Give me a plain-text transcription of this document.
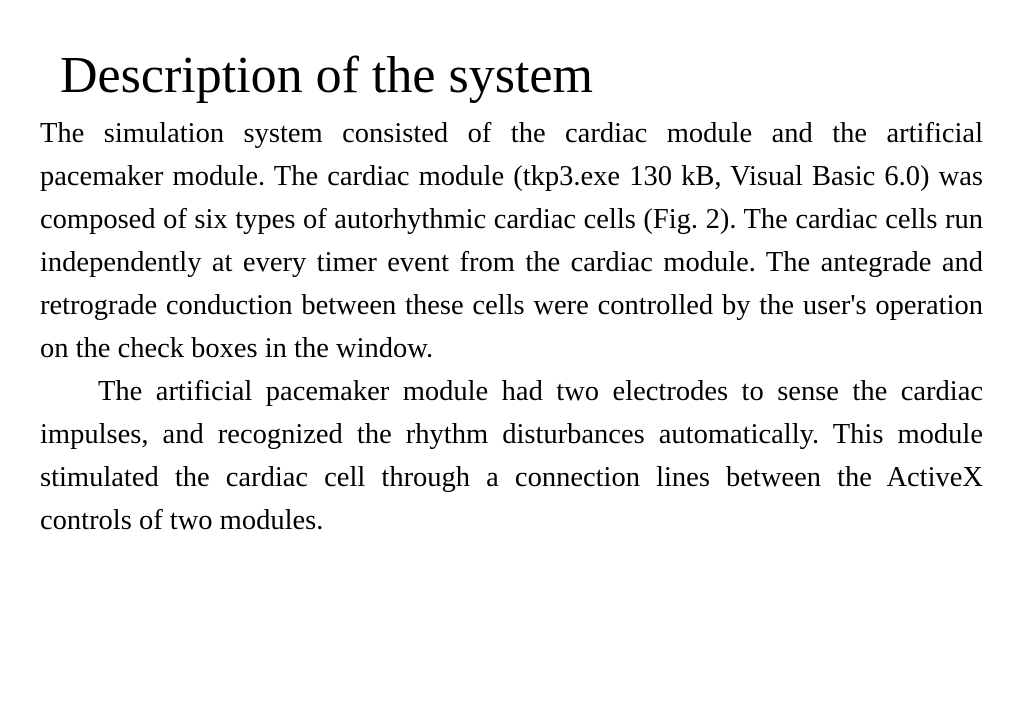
Description of the system

The simulation system consisted of the cardiac module and the artificial pacemaker module. The cardiac module (tkp3.exe 130 kB, Visual Basic 6.0) was composed of six types of autorhythmic cardiac cells (Fig. 2). The cardiac cells run independently at every timer event from the cardiac module. The antegrade and retrograde conduction between these cells were controlled by the user's operation on the check boxes in the window.

The artificial pacemaker module had two electrodes to sense the cardiac impulses, and recognized the rhythm disturbances automatically. This module stimulated the cardiac cell through a connection lines between the ActiveX controls of two modules.
